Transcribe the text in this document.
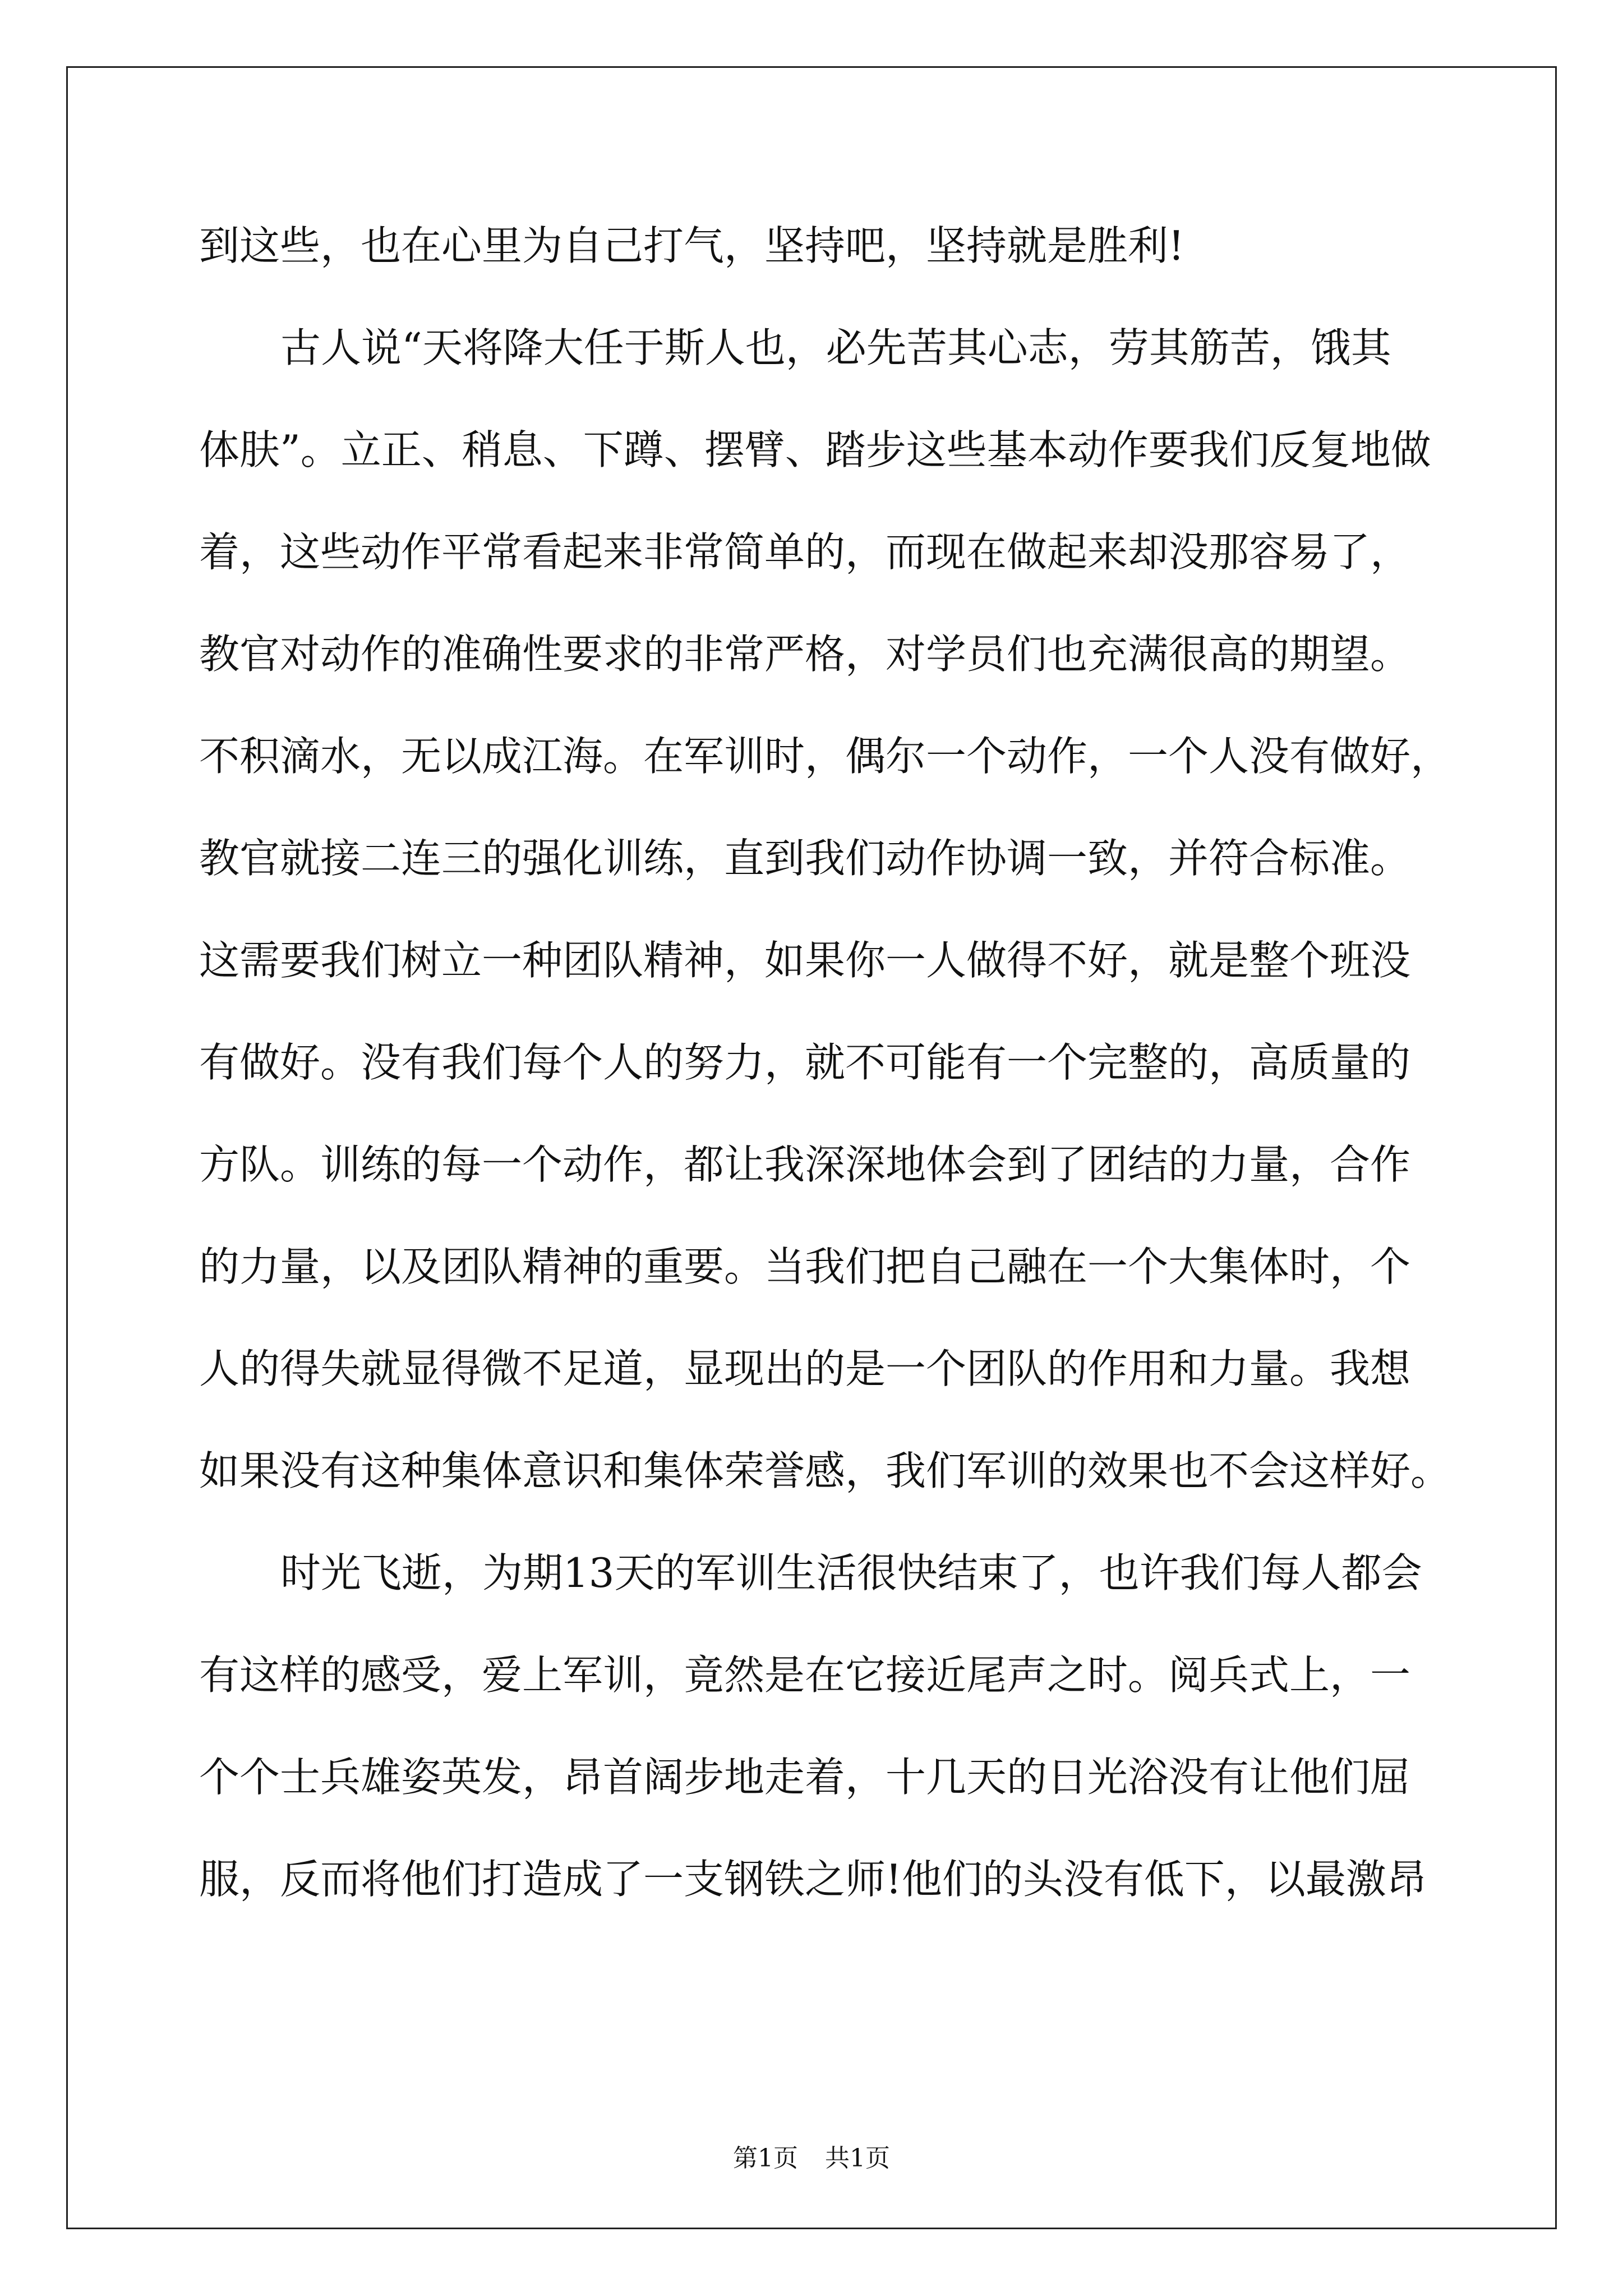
到这些，也在心里为自己打气，坚持吧，坚持就是胜利!
古人说“天将降大任于斯人也，必先苦其心志，劳其筋苦，饿其
体肤”。立正、稍息、下蹲、摆臂、踏步这些基本动作要我们反复地做
着，这些动作平常看起来非常简单的，而现在做起来却没那容易了，
教官对动作的准确性要求的非常严格，对学员们也充满很高的期望。
不积滴水，无以成江海。在军训时，偶尔一个动作，一个人没有做好，
教官就接二连三的强化训练，直到我们动作协调一致，并符合标准。
这需要我们树立一种团队精神，如果你一人做得不好，就是整个班没
有做好。没有我们每个人的努力，就不可能有一个完整的，高质量的
方队。训练的每一个动作，都让我深深地体会到了团结的力量，合作
的力量，以及团队精神的重要。当我们把自己融在一个大集体时，个
人的得失就显得微不足道，显现出的是一个团队的作用和力量。我想
如果没有这种集体意识和集体荣誉感，我们军训的效果也不会这样好。
时光飞逝，为期13天的军训生活很快结束了，也许我们每人都会
有这样的感受，爱上军训，竟然是在它接近尾声之时。阅兵式上，一
个个士兵雄姿英发，昂首阔步地走着，十几天的日光浴没有让他们屈
服，反而将他们打造成了一支钢铁之师!他们的头没有低下，以最激昂
第1页 共1页
